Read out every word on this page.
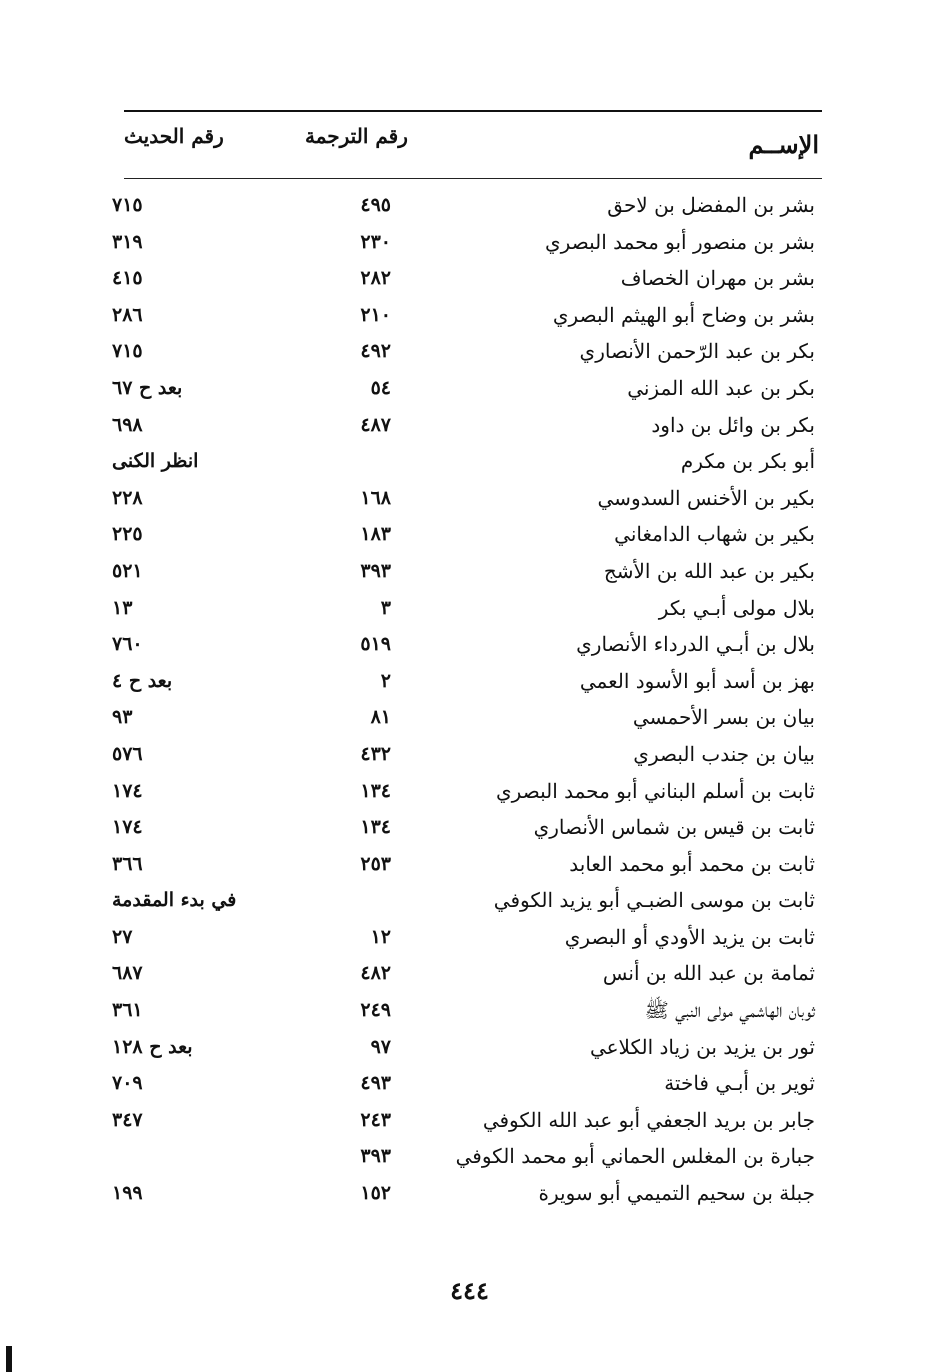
الإســم
رقم الترجمة
رقم الحديث
بشر بن المفضل بن لاحق
٤٩٥
٧١٥
بشر بن منصور أبو محمد البصري
٢٣٠
٣١٩
بشر بن مهران الخصاف
٢٨٢
٤١٥
بشر بن وضاح أبو الهيثم البصري
٢١٠
٢٨٦
بكر بن عبد الرّحمن الأنصاري
٤٩٢
٧١٥
بكر بن عبد الله المزني
٥٤
بعد ح ٦٧
بكر بن وائل بن داود
٤٨٧
٦٩٨
أبو بكر بن مكرم
انظر الكنى
بكير بن الأخنس السدوسي
١٦٨
٢٢٨
بكير بن شهاب الدامغاني
١٨٣
٢٢٥
بكير بن عبد الله بن الأشج
٣٩٣
٥٢١
بلال مولى أبـي بكر
٣
١٣
بلال بن أبـي الدرداء الأنصاري
٥١٩
٧٦٠
بهز بن أسد أبو الأسود العمي
٢
بعد ح ٤
بيان بن بسر الأحمسي
٨١
٩٣
بيان بن جندب البصري
٤٣٢
٥٧٦
ثابت بن أسلم البناني أبو محمد البصري
١٣٤
١٧٤
ثابت بن قيس بن شماس الأنصاري
١٣٤
١٧٤
ثابت بن محمد أبو محمد العابد
٢٥٣
٣٦٦
ثابت بن موسى الضبـي أبو يزيد الكوفي
في بدء المقدمة
ثابت بن يزيد الأودي أو البصري
١٢
٢٧
ثمامة بن عبد الله بن أنس
٤٨٢
٦٨٧
ثوبان الهاشمي مولى النبي ﷺ
٢٤٩
٣٦١
ثور بن يزيد بن زياد الكلاعي
٩٧
بعد ح ١٢٨
ثوير بن أبـي فاختة
٤٩٣
٧٠٩
جابر بن بريد الجعفي أبو عبد الله الكوفي
٢٤٣
٣٤٧
جبارة بن المغلس الحماني أبو محمد الكوفي
٣٩٣
جبلة بن سحيم التميمي أبو سويرة
١٥٢
١٩٩
٤٤٤
